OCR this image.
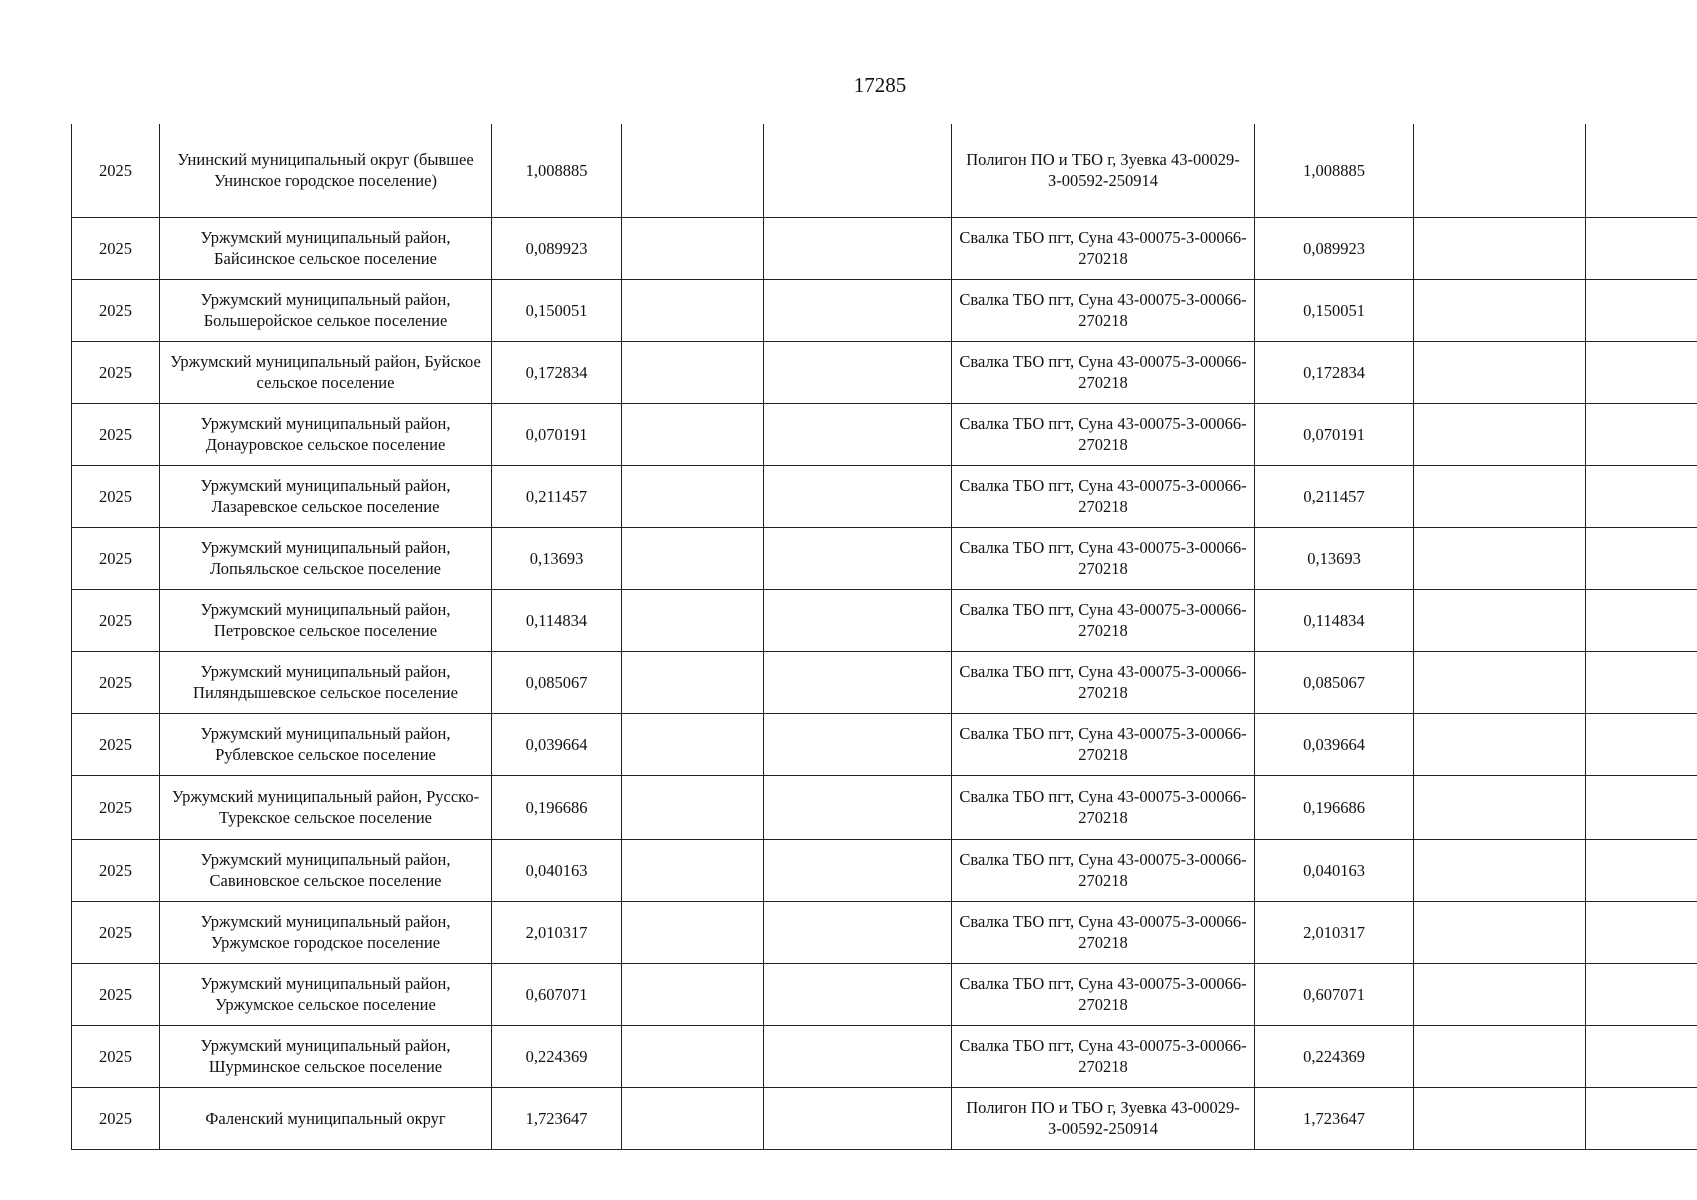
17285
2025	Унинский муниципальный округ (бывшее Унинское городское поселение)	1,008885			Полигон ПО и ТБО г, Зуевка 43-00029-З-00592-250914	1,008885		
2025	Уржумский муниципальный район, Байсинское сельское поселение	0,089923			Свалка ТБО пгт, Суна 43-00075-З-00066-270218	0,089923		
2025	Уржумский муниципальный район, Большеройское селькое поселение	0,150051			Свалка ТБО пгт, Суна 43-00075-З-00066-270218	0,150051		
2025	Уржумский муниципальный район, Буйское сельское поселение	0,172834			Свалка ТБО пгт, Суна 43-00075-З-00066-270218	0,172834		
2025	Уржумский муниципальный район, Донауровское сельское поселение	0,070191			Свалка ТБО пгт, Суна 43-00075-З-00066-270218	0,070191		
2025	Уржумский муниципальный район, Лазаревское сельское поселение	0,211457			Свалка ТБО пгт, Суна 43-00075-З-00066-270218	0,211457		
2025	Уржумский муниципальный район, Лопьяльское сельское поселение	0,13693			Свалка ТБО пгт, Суна 43-00075-З-00066-270218	0,13693		
2025	Уржумский муниципальный район, Петровское сельское поселение	0,114834			Свалка ТБО пгт, Суна 43-00075-З-00066-270218	0,114834		
2025	Уржумский муниципальный район, Пиляндышевское сельское поселение	0,085067			Свалка ТБО пгт, Суна 43-00075-З-00066-270218	0,085067		
2025	Уржумский муниципальный район, Рублевское сельское поселение	0,039664			Свалка ТБО пгт, Суна 43-00075-З-00066-270218	0,039664		
2025	Уржумский муниципальный район, Русско-Турекское сельское поселение	0,196686			Свалка ТБО пгт, Суна 43-00075-З-00066-270218	0,196686		
2025	Уржумский муниципальный район, Савиновское сельское поселение	0,040163			Свалка ТБО пгт, Суна 43-00075-З-00066-270218	0,040163		
2025	Уржумский муниципальный район, Уржумское городское поселение	2,010317			Свалка ТБО пгт, Суна 43-00075-З-00066-270218	2,010317		
2025	Уржумский муниципальный район, Уржумское сельское поселение	0,607071			Свалка ТБО пгт, Суна 43-00075-З-00066-270218	0,607071		
2025	Уржумский муниципальный район, Шурминское сельское поселение	0,224369			Свалка ТБО пгт, Суна 43-00075-З-00066-270218	0,224369		
2025	Фаленский муниципальный округ	1,723647			Полигон ПО и ТБО г, Зуевка 43-00029-З-00592-250914	1,723647		
